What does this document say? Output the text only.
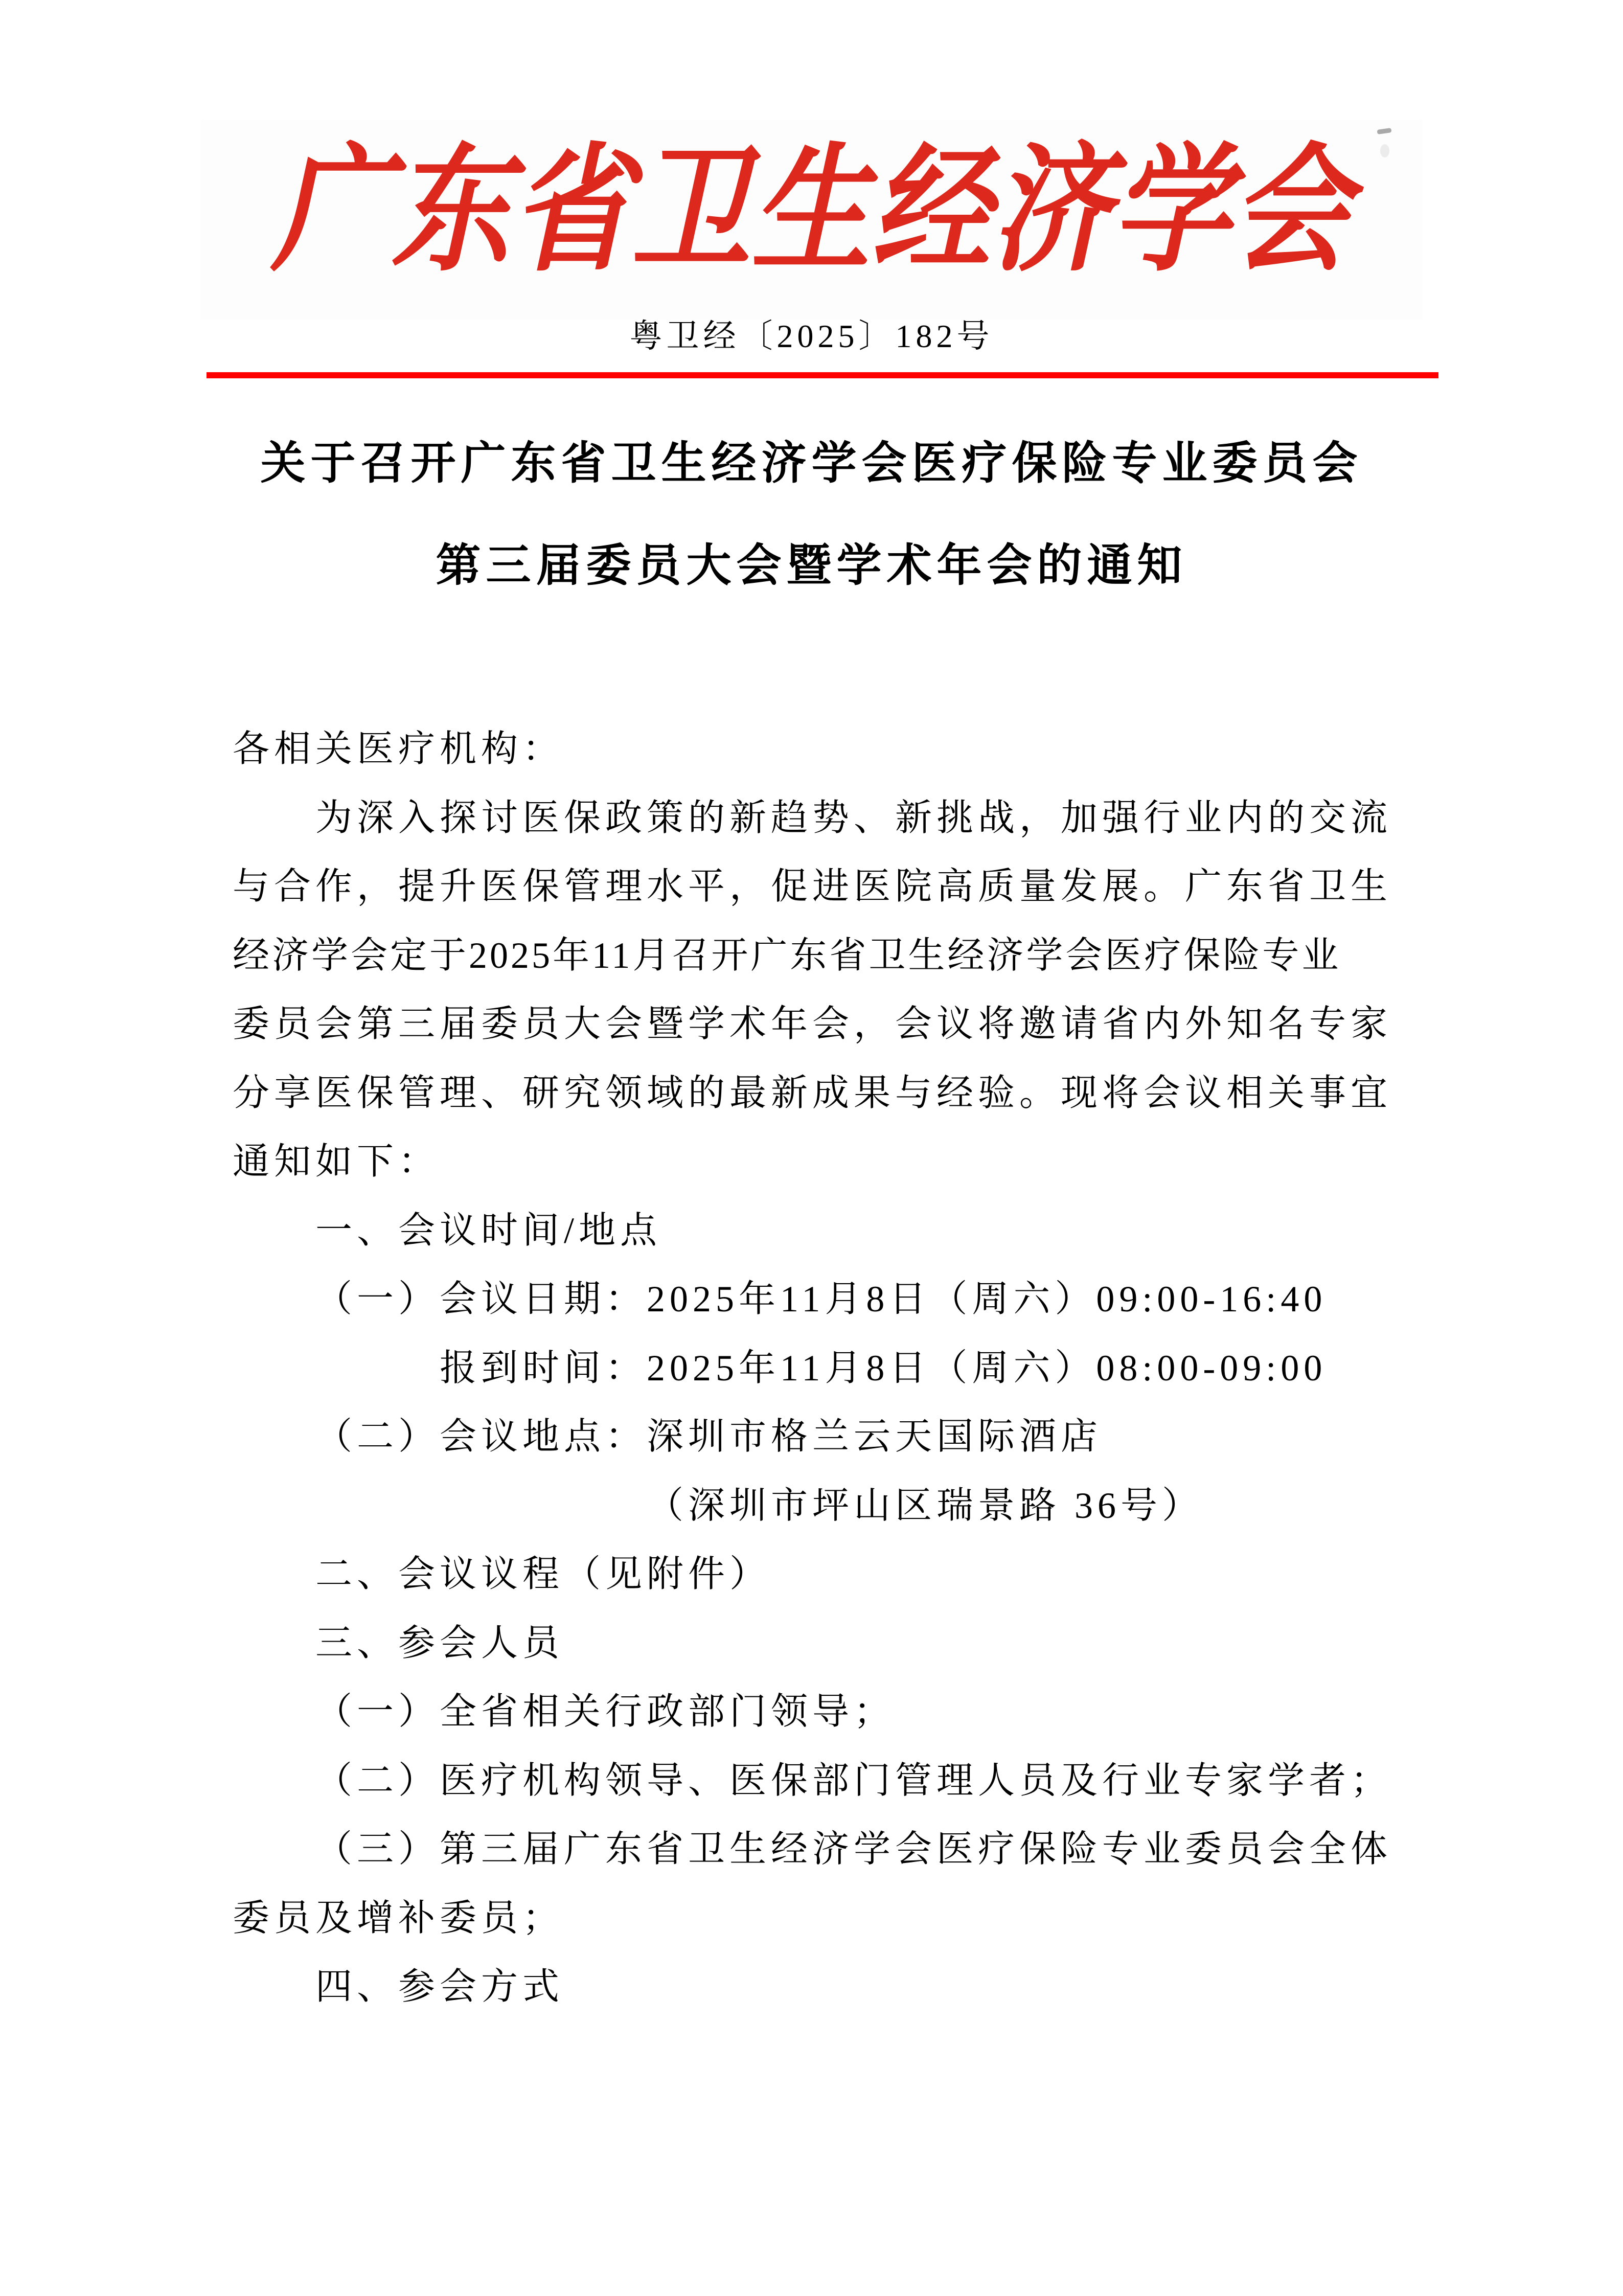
广东省卫生经济学会
粤卫经〔2025〕182号
关于召开广东省卫生经济学会医疗保险专业委员会
第三届委员大会暨学术年会的通知
各相关医疗机构：
为深入探讨医保政策的新趋势、新挑战，加强行业内的交流
与合作，提升医保管理水平，促进医院高质量发展。广东省卫生
经济学会定于2025年11月召开广东省卫生经济学会医疗保险专业
委员会第三届委员大会暨学术年会，会议将邀请省内外知名专家
分享医保管理、研究领域的最新成果与经验。现将会议相关事宜
通知如下：
一、会议时间/地点
（一）会议日期：2025年11月8日（周六）09:00-16:40
报到时间：2025年11月8日（周六）08:00-09:00
（二）会议地点：深圳市格兰云天国际酒店
（深圳市坪山区瑞景路 36号）
二、会议议程（见附件）
三、参会人员
（一）全省相关行政部门领导；
（二）医疗机构领导、医保部门管理人员及行业专家学者；
（三）第三届广东省卫生经济学会医疗保险专业委员会全体
委员及增补委员；
四、参会方式
